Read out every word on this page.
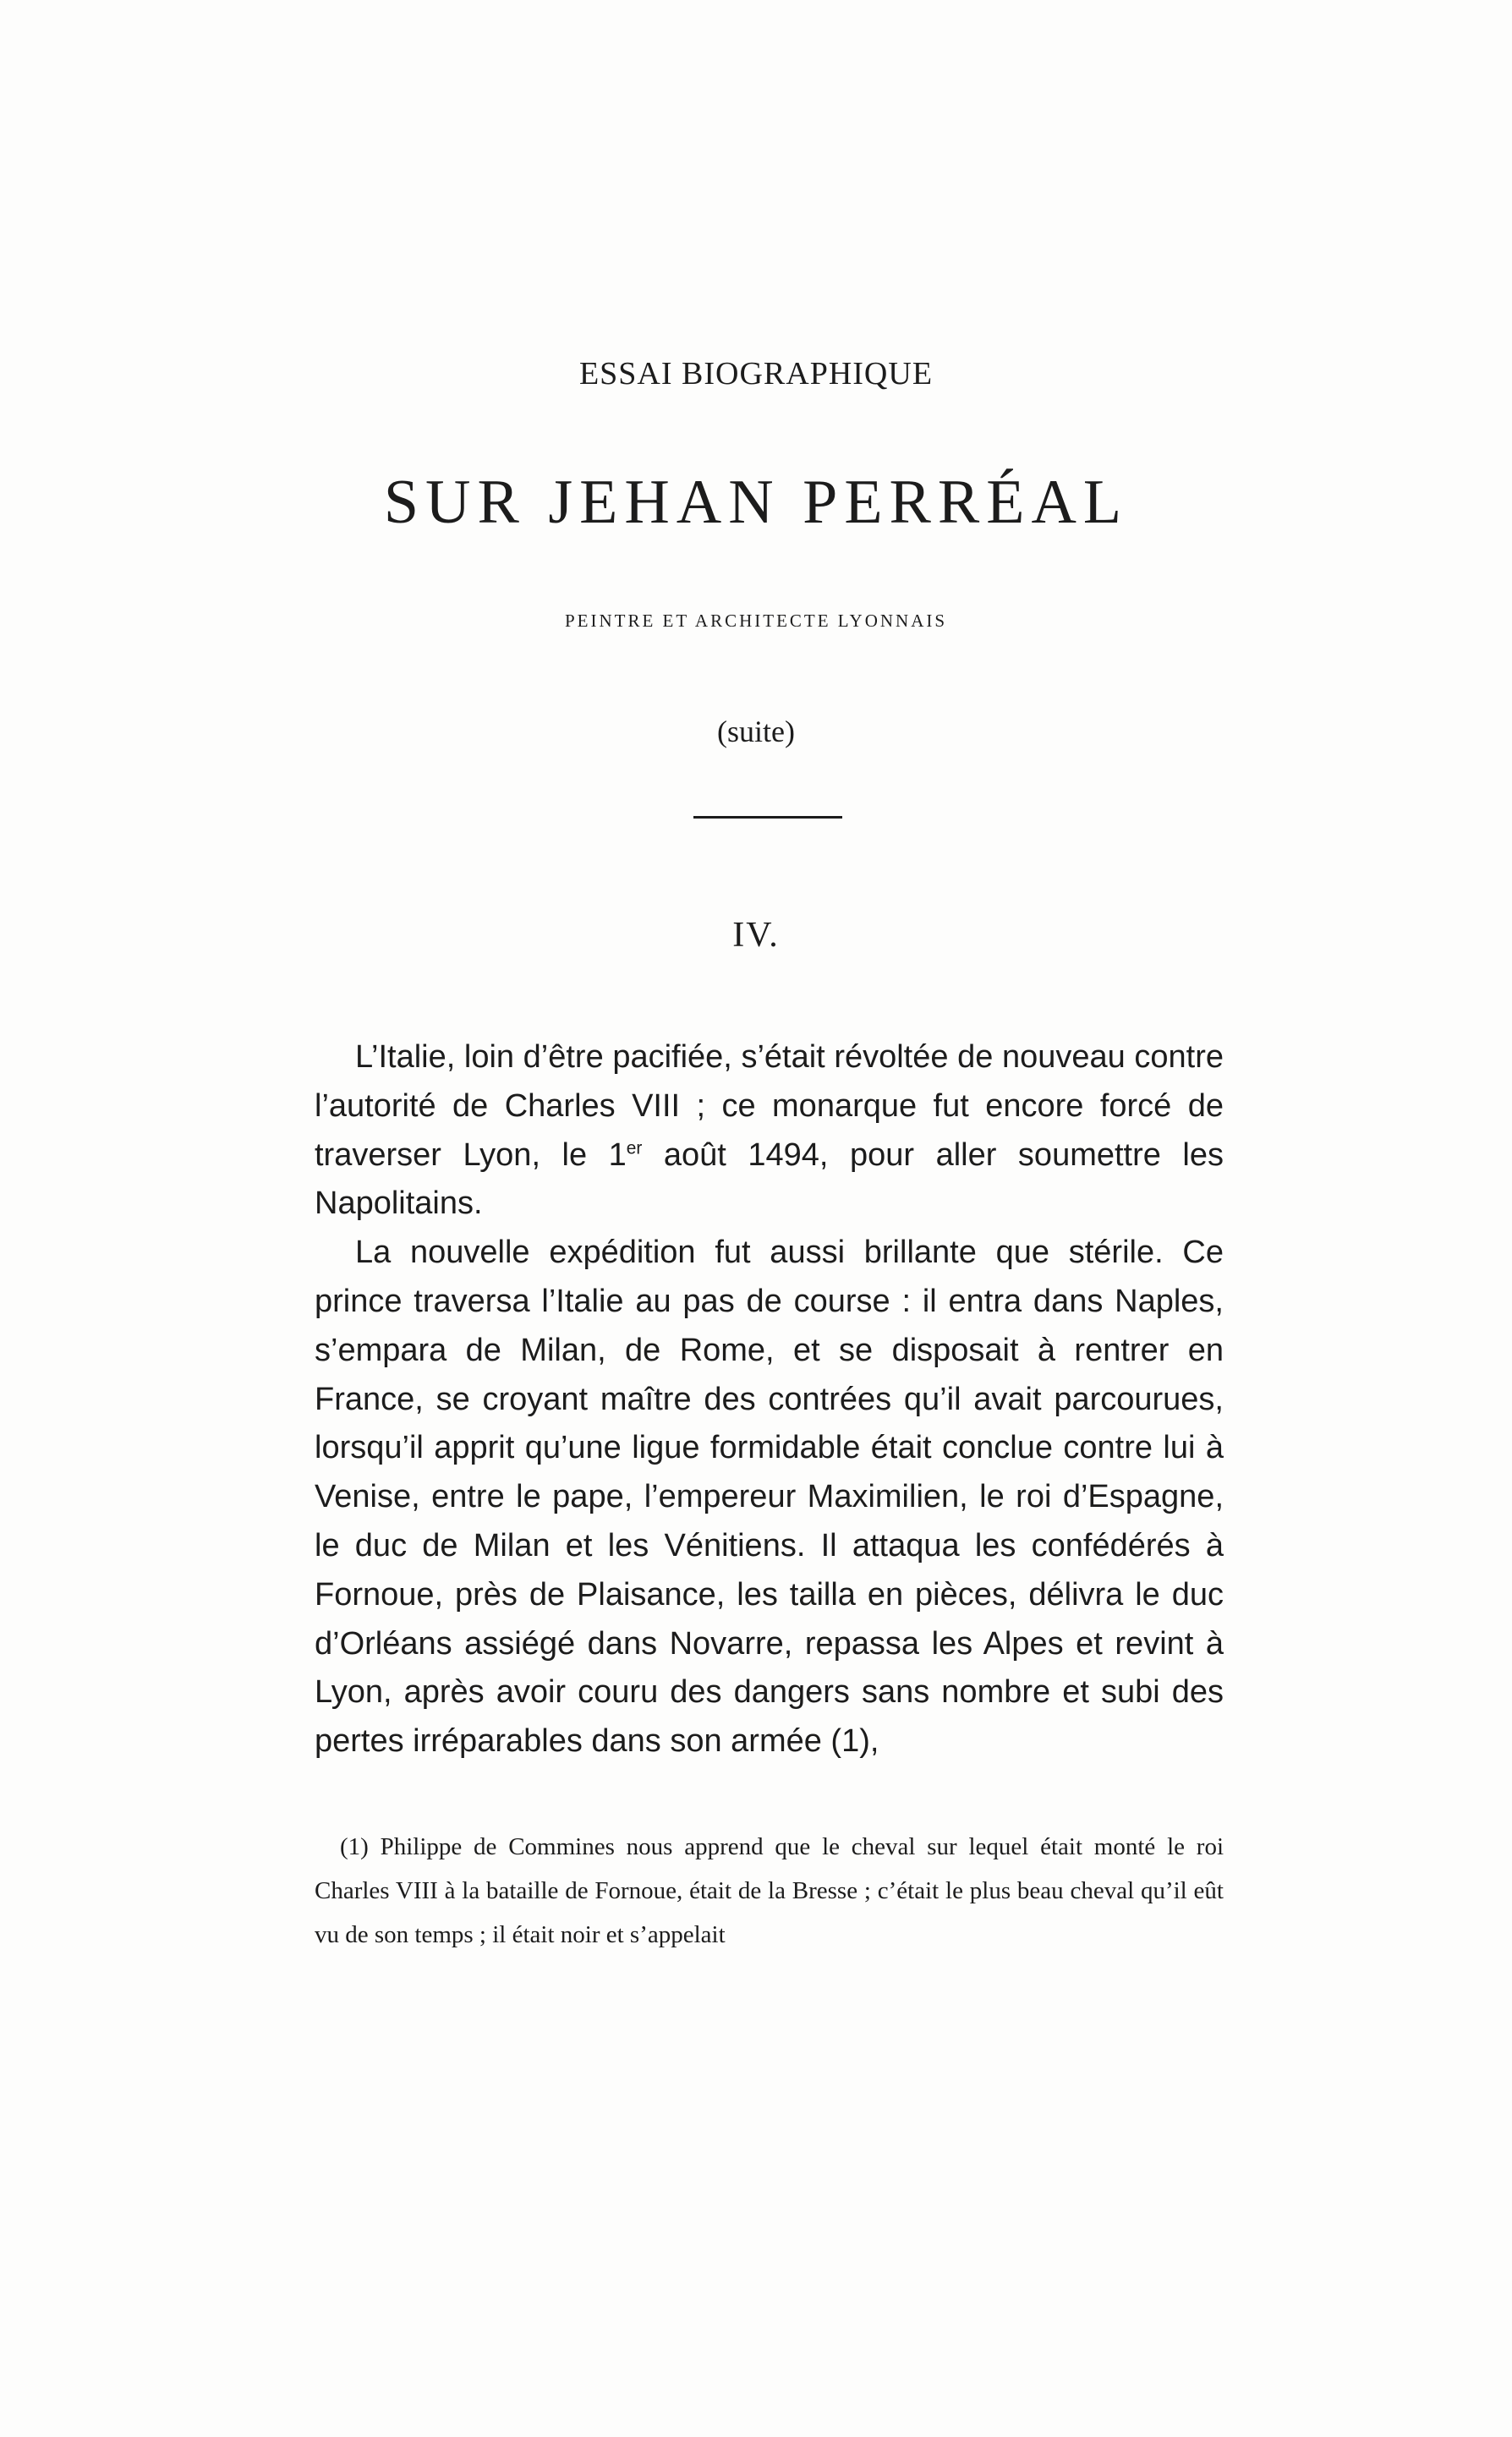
ESSAI BIOGRAPHIQUE
SUR JEHAN PERRÉAL
PEINTRE ET ARCHITECTE LYONNAIS
(suite)
IV.

L’Italie, loin d’être pacifiée, s’était révoltée de nouveau contre l’autorité de Charles VIII ; ce monarque fut encore forcé de traverser Lyon, le 1er août 1494, pour aller soumettre les Napolitains.

La nouvelle expédition fut aussi brillante que stérile. Ce prince traversa l’Italie au pas de course : il entra dans Naples, s’empara de Milan, de Rome, et se disposait à rentrer en France, se croyant maître des contrées qu’il avait parcourues, lorsqu’il apprit qu’une ligue formidable était conclue contre lui à Venise, entre le pape, l’empereur Maximilien, le roi d’Espagne, le duc de Milan et les Vénitiens. Il attaqua les confédérés à Fornoue, près de Plaisance, les tailla en pièces, délivra le duc d’Orléans assiégé dans Novarre, repassa les Alpes et revint à Lyon, après avoir couru des dangers sans nombre et subi des pertes irréparables dans son armée (1),

(1) Philippe de Commines nous apprend que le cheval sur lequel était monté le roi Charles VIII à la bataille de Fornoue, était de la Bresse ; c’était le plus beau cheval qu’il eût vu de son temps ; il était noir et s’appelait
